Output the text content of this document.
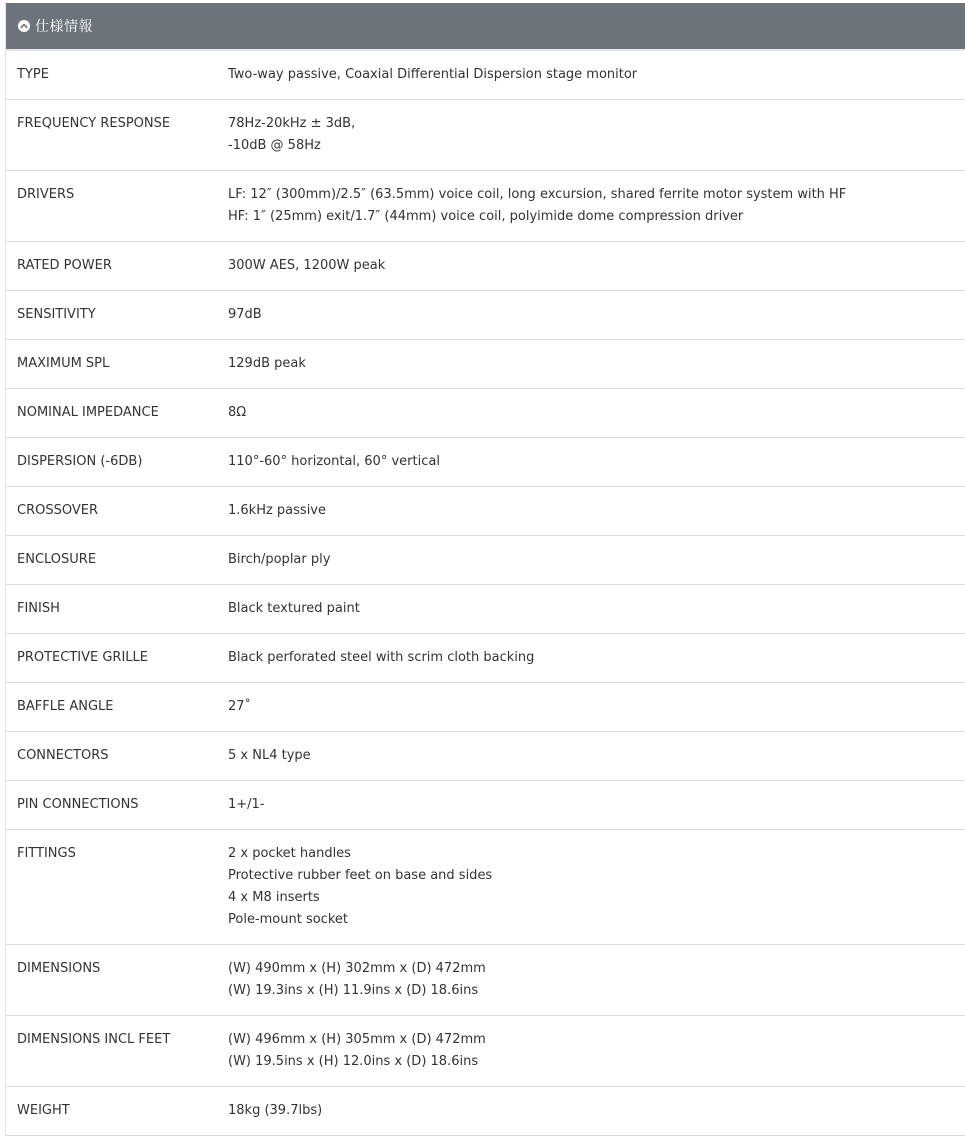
仕様情報
TYPE	Two-way passive, Coaxial Differential Dispersion stage monitor

FREQUENCY RESPONSE	78Hz-20kHz ± 3dB,
-10dB @ 58Hz

DRIVERS	LF: 12″ (300mm)/2.5″ (63.5mm) voice coil, long excursion, shared ferrite motor system with HF
HF: 1″ (25mm) exit/1.7″ (44mm) voice coil, polyimide dome compression driver

RATED POWER	300W AES, 1200W peak

SENSITIVITY	97dB

MAXIMUM SPL	129dB peak

NOMINAL IMPEDANCE	8Ω

DISPERSION (-6DB)	110°-60° horizontal, 60° vertical

CROSSOVER	1.6kHz passive

ENCLOSURE	Birch/poplar ply

FINISH	Black textured paint

PROTECTIVE GRILLE	Black perforated steel with scrim cloth backing

BAFFLE ANGLE	27˚

CONNECTORS	5 x NL4 type

PIN CONNECTIONS	1+/1-

FITTINGS	2 x pocket handles
Protective rubber feet on base and sides
4 x M8 inserts
Pole-mount socket

DIMENSIONS	(W) 490mm x (H) 302mm x (D) 472mm
(W) 19.3ins x (H) 11.9ins x (D) 18.6ins

DIMENSIONS INCL FEET	(W) 496mm x (H) 305mm x (D) 472mm
(W) 19.5ins x (H) 12.0ins x (D) 18.6ins

WEIGHT	18kg (39.7lbs)
